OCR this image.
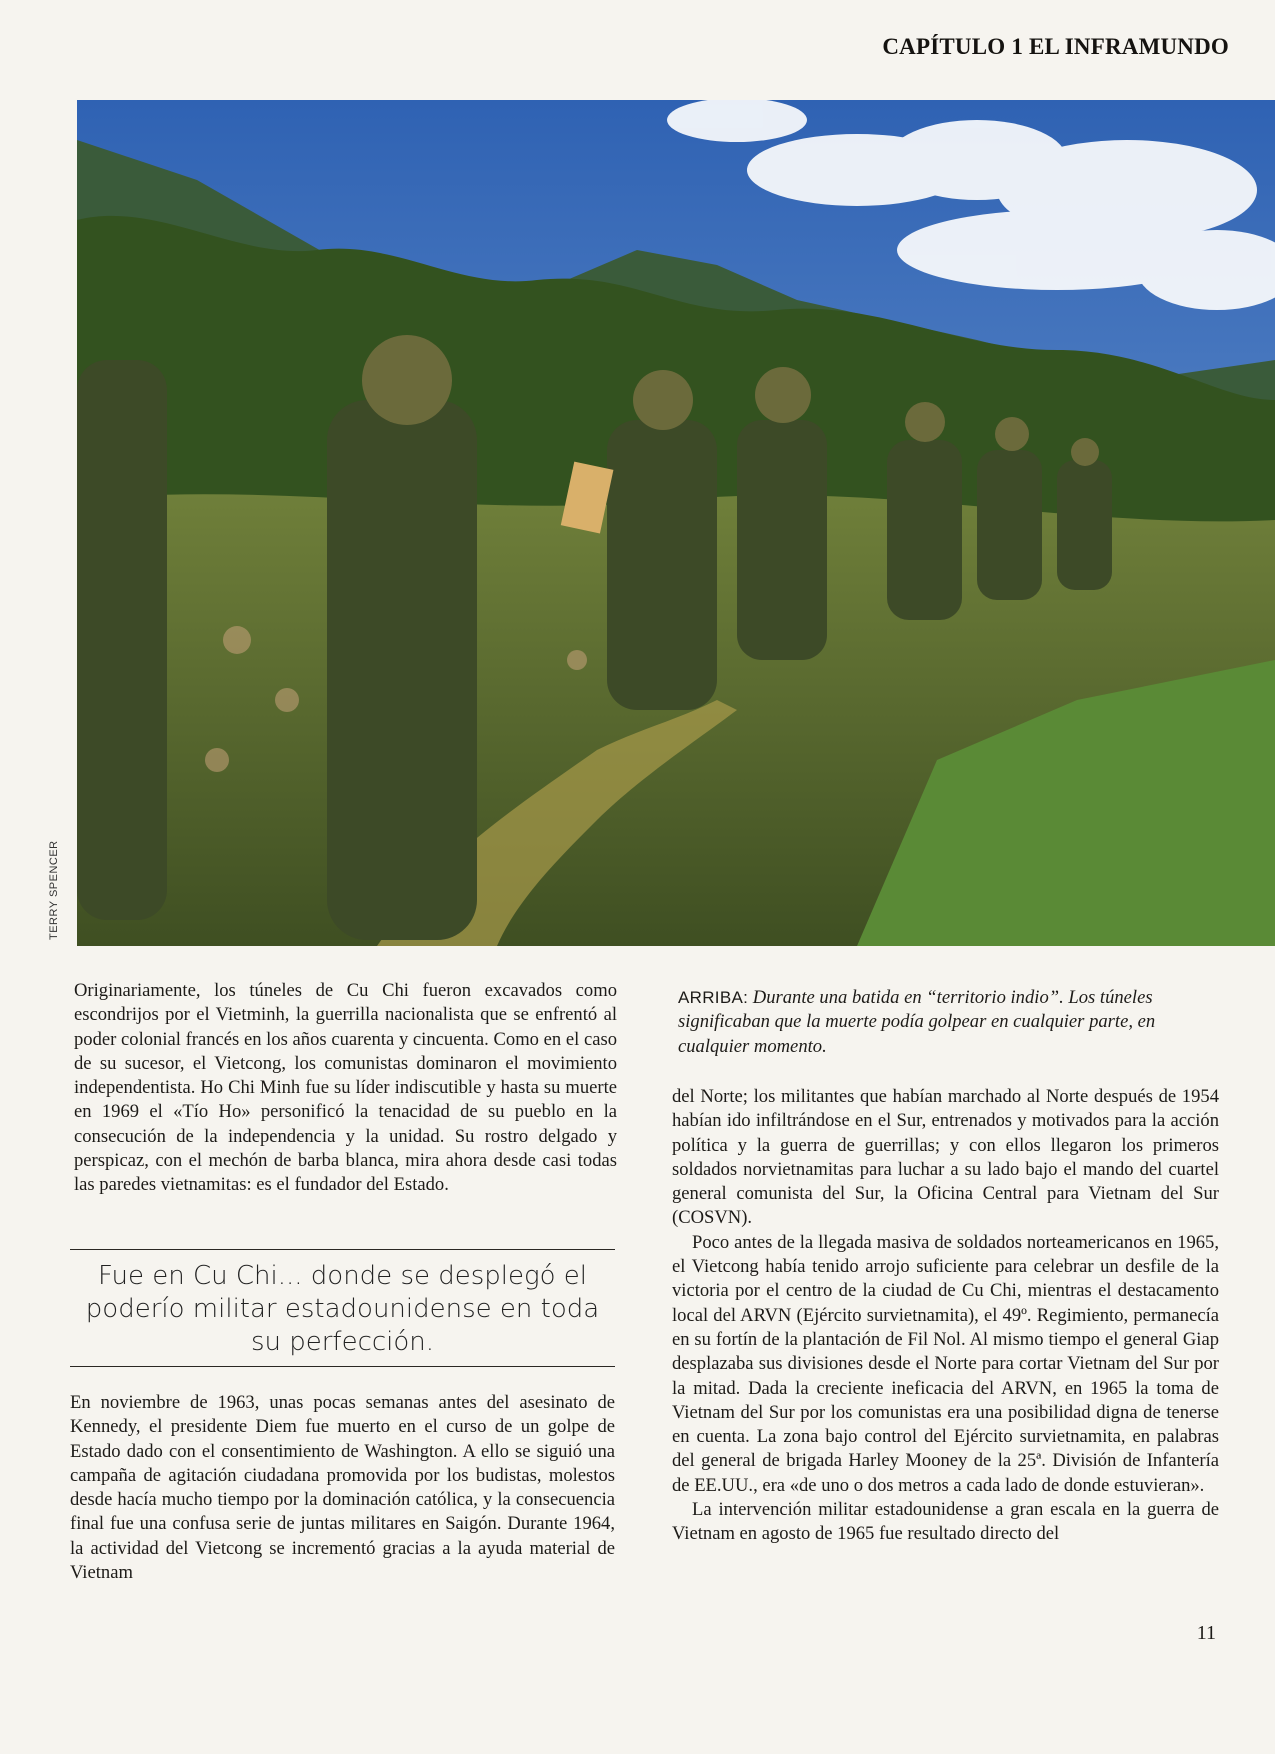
CAPÍTULO 1 EL INFRAMUNDO
TERRY SPENCER
ARRIBA: Durante una batida en “territorio indio”. Los túneles significaban que la muerte podía golpear en cualquier parte, en cualquier momento.

Originariamente, los túneles de Cu Chi fueron excavados como escondrijos por el Vietminh, la guerrilla nacionalista que se enfrentó al poder colonial francés en los años cuarenta y cincuenta. Como en el caso de su sucesor, el Vietcong, los comunistas dominaron el movimiento independentista. Ho Chi Minh fue su líder indiscutible y hasta su muerte en 1969 el «Tío Ho» personificó la tenacidad de su pueblo en la consecución de la independencia y la unidad. Su rostro delgado y perspicaz, con el mechón de barba blanca, mira ahora desde casi todas las paredes vietnamitas: es el fundador del Estado.

Fue en Cu Chi... donde se desplegó el poderío militar estadounidense en toda su perfección.

En noviembre de 1963, unas pocas semanas antes del asesinato de Kennedy, el presidente Diem fue muerto en el curso de un golpe de Estado dado con el consentimiento de Washington. A ello se siguió una campaña de agitación ciudadana promovida por los budistas, molestos desde hacía mucho tiempo por la dominación católica, y la consecuencia final fue una confusa serie de juntas militares en Saigón. Durante 1964, la actividad del Vietcong se incrementó gracias a la ayuda material de Vietnam

del Norte; los militantes que habían marchado al Norte después de 1954 habían ido infiltrándose en el Sur, entrenados y motivados para la acción política y la guerra de guerrillas; y con ellos llegaron los primeros soldados norvietnamitas para luchar a su lado bajo el mando del cuartel general comunista del Sur, la Oficina Central para Vietnam del Sur (COSVN).

Poco antes de la llegada masiva de soldados norteamericanos en 1965, el Vietcong había tenido arrojo suficiente para celebrar un desfile de la victoria por el centro de la ciudad de Cu Chi, mientras el destacamento local del ARVN (Ejército survietnamita), el 49º. Regimiento, permanecía en su fortín de la plantación de Fil Nol. Al mismo tiempo el general Giap desplazaba sus divisiones desde el Norte para cortar Vietnam del Sur por la mitad. Dada la creciente ineficacia del ARVN, en 1965 la toma de Vietnam del Sur por los comunistas era una posibilidad digna de tenerse en cuenta. La zona bajo control del Ejército survietnamita, en palabras del general de brigada Harley Mooney de la 25ª. División de Infantería de EE.UU., era «de uno o dos metros a cada lado de donde estuvieran».

La intervención militar estadounidense a gran escala en la guerra de Vietnam en agosto de 1965 fue resultado directo del

11
